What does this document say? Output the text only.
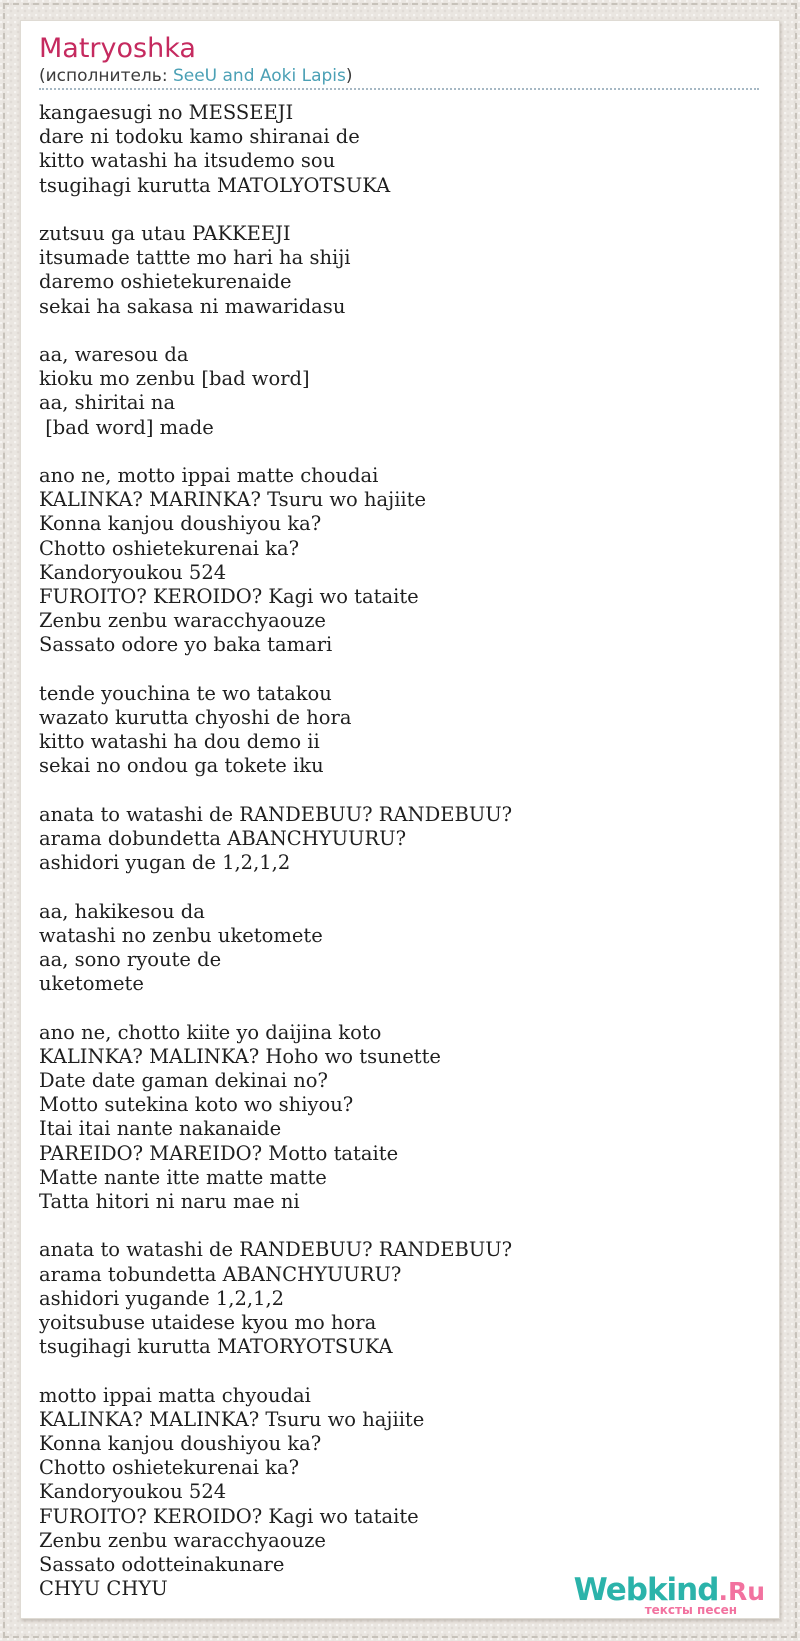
Matryoshka
(исполнитель: SeeU and Aoki Lapis)

kangaesugi no MESSEEJI
dare ni todoku kamo shiranai de
kitto watashi ha itsudemo sou
tsugihagi kurutta MATOLYOTSUKA

zutsuu ga utau PAKKEEJI
itsumade tattte mo hari ha shiji
daremo oshietekurenaide
sekai ha sakasa ni mawaridasu

aa, waresou da
kioku mo zenbu [bad word]
aa, shiritai na
[bad word] made

ano ne, motto ippai matte choudai
KALINKA? MARINKA? Tsuru wo hajiite
Konna kanjou doushiyou ka?
Chotto oshietekurenai ka?
Kandoryoukou 524
FUROITO? KEROIDO? Kagi wo tataite
Zenbu zenbu waracchyaouze
Sassato odore yo baka tamari

tende youchina te wo tatakou
wazato kurutta chyoshi de hora
kitto watashi ha dou demo ii
sekai no ondou ga tokete iku

anata to watashi de RANDEBUU? RANDEBUU?
arama dobundetta ABANCHYUURU?
ashidori yugan de 1,2,1,2

aa, hakikesou da
watashi no zenbu uketomete
aa, sono ryoute de
uketomete

ano ne, chotto kiite yo daijina koto
KALINKA? MALINKA? Hoho wo tsunette
Date date gaman dekinai no?
Motto sutekina koto wo shiyou?
Itai itai nante nakanaide
PAREIDO? MAREIDO? Motto tataite
Matte nante itte matte matte
Tatta hitori ni naru mae ni

anata to watashi de RANDEBUU? RANDEBUU?
arama tobundetta ABANCHYUURU?
ashidori yugande 1,2,1,2
yoitsubuse utaidese kyou mo hora
tsugihagi kurutta MATORYOTSUKA

motto ippai matta chyoudai
KALINKA? MALINKA? Tsuru wo hajiite
Konna kanjou doushiyou ka?
Chotto oshietekurenai ka?
Kandoryoukou 524
FUROITO? KEROIDO? Kagi wo tataite
Zenbu zenbu waracchyaouze
Sassato odotteinakunare
CHYU CHYU	Webkind.Ru
тексты песен
